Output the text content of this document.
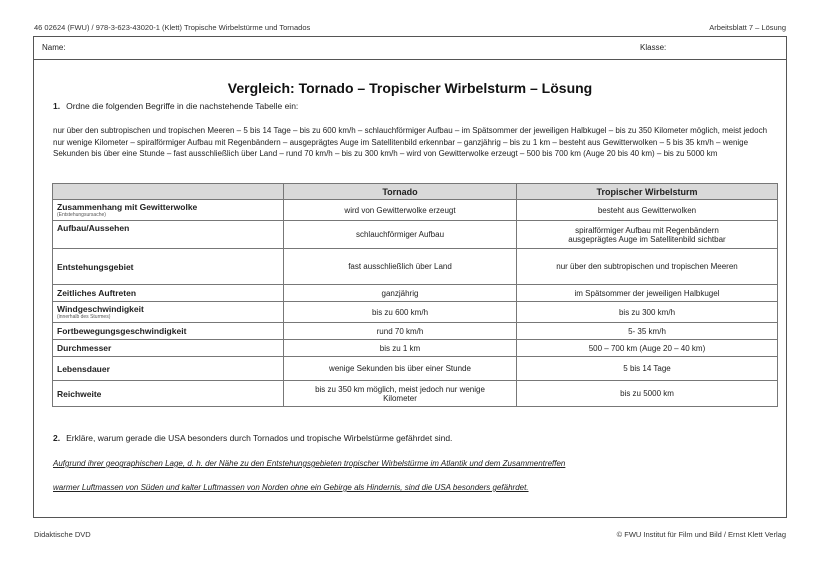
46 02624 (FWU) / 978-3-623-43020-1 (Klett) Tropische Wirbelstürme und Tornados	Arbeitsblatt 7 – Lösung
Name:	Klasse:
Vergleich: Tornado – Tropischer Wirbelsturm – Lösung
1. Ordne die folgenden Begriffe in die nachstehende Tabelle ein:
nur über den subtropischen und tropischen Meeren – 5 bis 14 Tage – bis zu 600 km/h – schlauchförmiger Aufbau – im Spätsommer der jeweiligen Halbkugel – bis zu 350 Kilometer möglich, meist jedoch nur wenige Kilometer – spiralförmiger Aufbau mit Regenbändern – ausgeprägtes Auge im Satellitenbild erkennbar – ganzjährig – bis zu 1 km – besteht aus Gewitterwolken – 5 bis 35 km/h – wenige Sekunden bis über eine Stunde – fast ausschließlich über Land – rund 70 km/h – bis zu 300 km/h – wird von Gewitterwolke erzeugt – 500 bis 700 km (Auge 20 bis 40 km) – bis zu 5000 km
	Tornado	Tropischer Wirbelsturm
Zusammenhang mit Gewitterwolke
(Entstehungsursache)	wird von Gewitterwolke erzeugt	besteht aus Gewitterwolken
Aufbau/Aussehen	schlauchförmiger Aufbau	spiralförmiger Aufbau mit Regenbändern ausgeprägtes Auge im Satellitenbild sichtbar
Entstehungsgebiet	fast ausschließlich über Land	nur über den subtropischen und tropischen Meeren
Zeitliches Auftreten	ganzjährig	im Spätsommer der jeweiligen Halbkugel
Windgeschwindigkeit
(innerhalb des Sturmes)	bis zu 600 km/h	bis zu 300 km/h
Fortbewegungsgeschwindigkeit	rund 70 km/h	5- 35 km/h
Durchmesser	bis zu 1 km	500 – 700 km (Auge 20 – 40 km)
Lebensdauer	wenige Sekunden bis über einer Stunde	5 bis 14 Tage
Reichweite	bis zu 350 km möglich, meist jedoch nur wenige Kilometer	bis zu 5000 km
2. Erkläre, warum gerade die USA besonders durch Tornados und tropische Wirbelstürme gefährdet sind.
Aufgrund ihrer geographischen Lage, d. h. der Nähe zu den Entstehungsgebieten tropischer Wirbelstürme im Atlantik und dem Zusammentreffen
warmer Luftmassen von Süden und kalter Luftmassen von Norden ohne ein Gebirge als Hindernis, sind die USA besonders gefährdet.
Didaktische DVD	© FWU Institut für Film und Bild / Ernst Klett Verlag
